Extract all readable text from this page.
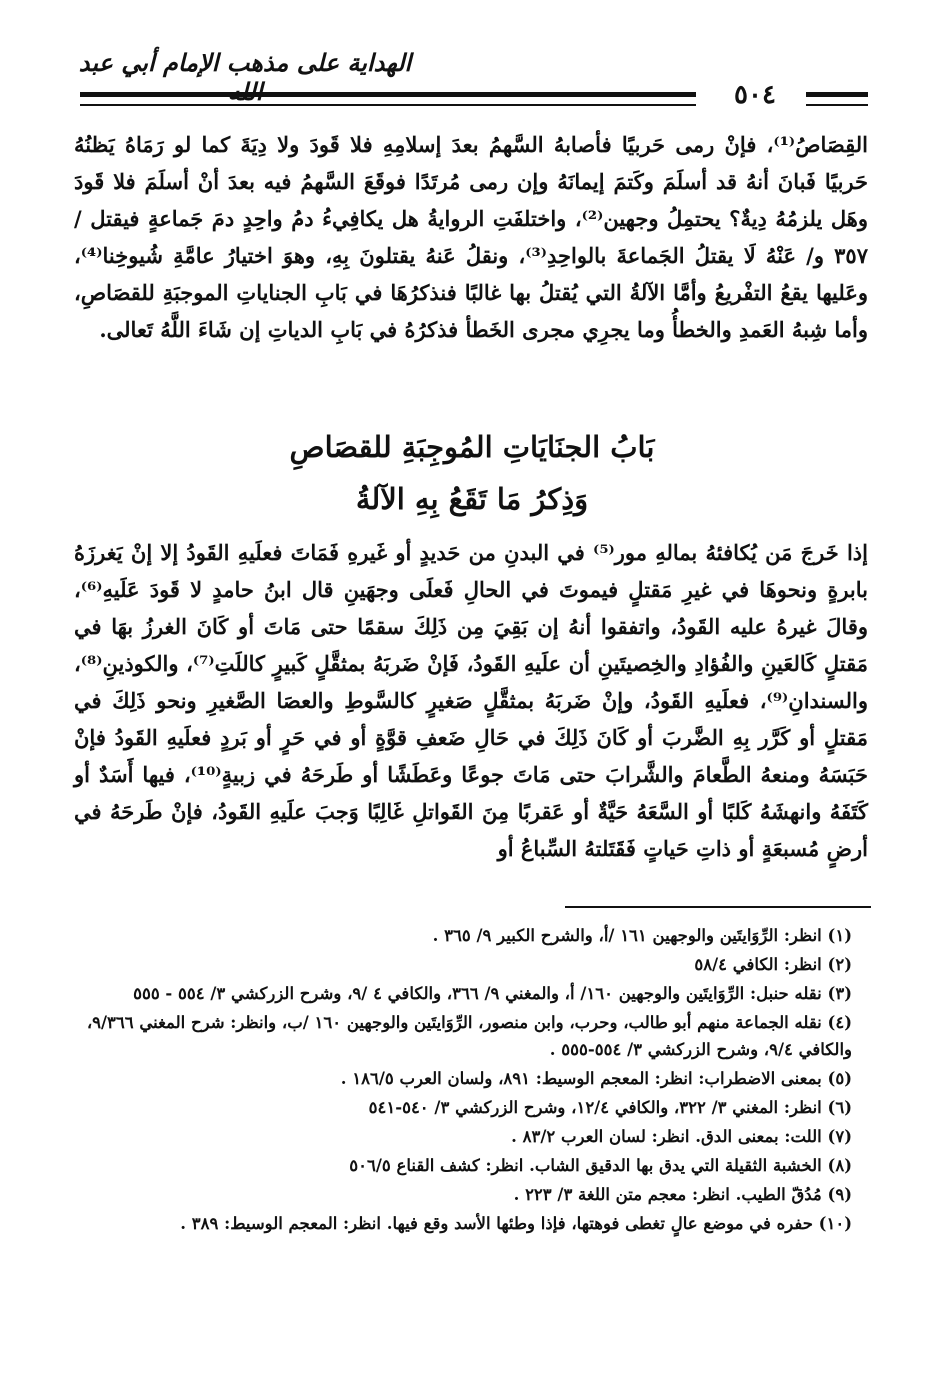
الهداية على مذهب الإمام أبي عبد
٥٠٤

القِصَاصُ⁽¹⁾، فإنْ رمى حَربيًا فأصابهُ السَّهمُ بعدَ إسلامِهِ فلا قَودَ ولا دِيَةَ كما لو رَمَاهُ يَظنُهُ حَربيًا فَبانَ أنهُ قد أسلَمَ وكَتمَ إيمانَهُ وإن رمى مُرتَدًا فوقَعَ السَّهمُ فيه بعدَ أنْ أسلَمَ فلا قَودَ وهَل يلزمُهُ دِيةٌ؟ يحتمِلُ وجهين⁽²⁾، واختلفَتِ الروايةُ هل يكافِيءُ دمُ واحِدٍ دمَ جَماعةٍ فيقتل /٣٥٧ و/ عَنْهُ لَا يقتلُ الجَماعةَ بالواحِدِ⁽³⁾، ونقلُ عَنهُ يقتلونَ بِهِ، وهوَ اختيارُ عامَّةِ شُيوخِنا⁽⁴⁾، وعَليها يقعُ التفْريعُ وأمَّا الآلةُ التي يُقتلُ بها غالبًا فنذكرُهَا في بَابِ الجناياتِ الموجبَةِ للقصَاصِ، وأما شِبهُ العَمدِ والخطأُ وما يجرِي مجرى الخَطأ فذكرُهُ في بَابِ الدياتِ إن شَاءَ اللَّهُ تَعالى.

بَابُ الجنَايَاتِ المُوجِبَةِ للقصَاصِ
وَذِكرُ مَا تَقَعُ بِهِ الآلةُ

إذا خَرجَ مَن يُكافئهُ بمالهِ مور⁽⁵⁾ في البدنِ من حَديدٍ أو غَيرهِ فَمَاتَ فعلَيهِ القَودُ إلا إنْ يَغرزَهُ بابرةٍ ونحوهَا في غيرِ مَقتلٍ فيموتَ في الحالِ فَعلَى وجهَينِ قال ابنُ حامدٍ لا قَودَ عَلَيهِ⁽⁶⁾، وقالَ غيرهُ عليه القَودُ، واتفقوا أنهُ إن بَقِيَ مِن ذَلِكَ سقمًا حتى مَاتَ أو كَانَ الغرزُ بهَا في مَقتلٍ كَالعَينِ والفُؤادِ والخِصيتَينِ أن علَيهِ القَودُ، فَإنْ ضَربَهُ بمثقَّلٍ كَبيرٍ كاللَتِ⁽⁷⁾، والكوذينِ⁽⁸⁾، والسندانِ⁽⁹⁾، فعلَيهِ القَودُ، وإنْ ضَربَهُ بمثقَّلٍ صَغيرٍ كالسَّوطِ والعصَا الصَّغيرِ ونحو ذَلِكَ في مَقتلٍ أو كَرَّر بِهِ الضَّربَ أو كَانَ ذَلِكَ في حَالِ ضَعفِ قوَّةٍ أو في حَرٍ أو بَردٍ فعلَيهِ القَودُ فإنْ حَبَسَهُ ومنعهُ الطَّعامَ والشَّرابَ حتى مَاتَ جوعًا وعَطَشًا أو طَرحَهُ في زبيةٍ⁽¹⁰⁾، فيها أَسَدٌ أو كَتَفَهُ وانهشَهُ كَلبًا أو السَّعَهُ حَيَّةٌ أو عَقربًا مِنَ القَواتلِ غَالِبًا وَجبَ علَيهِ القَودُ، فإنْ طَرحَهُ في أرضٍ مُسبعَةٍ أو ذاتِ حَياتٍ فَقَتَلتهُ السِّباعُ أو

(١) انظر: الرِّوَايتَين والوجهين ١٦١ /أ، والشرح الكبير ٩/ ٣٦٥ .

(٢) انظر: الكافي ٥٨/٤

(٣) نقله حنبل: الرِّوَايتَين والوجهين ١٦٠/ أ، والمغني ٩/ ٣٦٦، والكافي ٤ /٩، وشرح الزركشي ٣/ ٥٥٤ - ٥٥٥

(٤) نقله الجماعة منهم أبو طالب، وحرب، وابن منصور، الرِّوَايتَين والوجهين ١٦٠ /ب، وانظر: شرح المغني ٩/٣٦٦، والكافي ٩/٤، وشرح الزركشي ٣/ ٥٥٤-٥٥٥ .

(٥) بمعنى الاضطراب: انظر: المعجم الوسيط: ٨٩١، ولسان العرب ١٨٦/٥ .

(٦) انظر: المغني ٣/ ٣٢٢، والكافي ١٢/٤، وشرح الزركشي ٣/ ٥٤٠-٥٤١

(٧) اللت: بمعنى الدق. انظر: لسان العرب ٨٣/٢ .

(٨) الخشبة الثقيلة التي يدق بها الدقيق الشاب. انظر: كشف القناع ٥٠٦/٥

(٩) مُدُقّ الطيب. انظر: معجم متن اللغة ٣/ ٢٢٣ .

(١٠) حفره في موضع عالٍ تغطى فوهتها، فإذا وطئها الأسد وقع فيها. انظر: المعجم الوسيط: ٣٨٩ .
